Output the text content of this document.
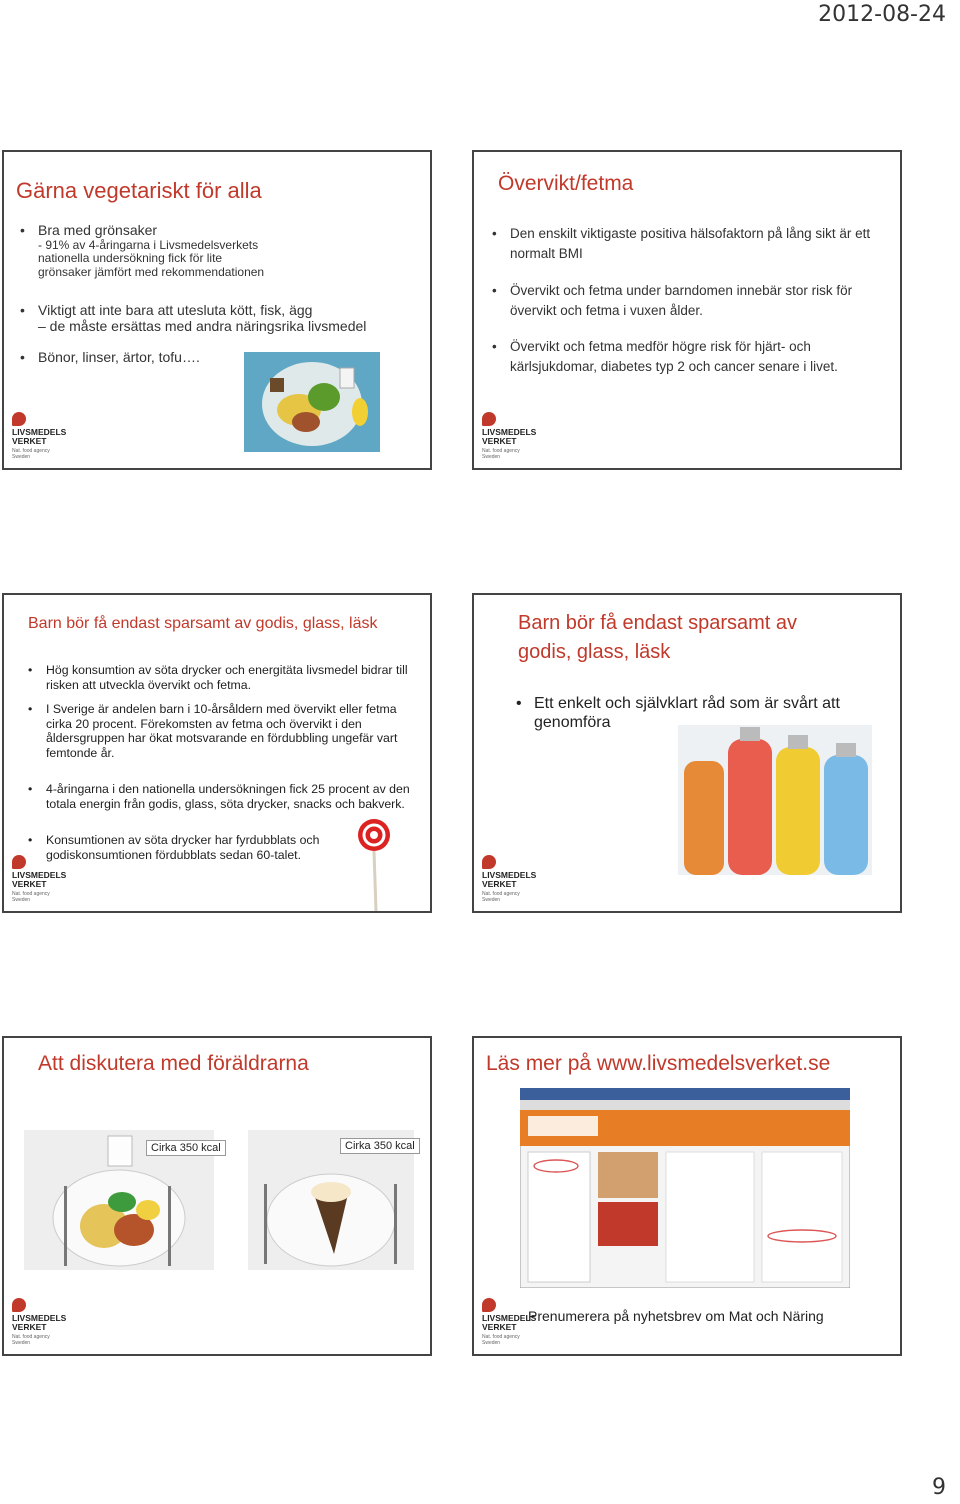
2012-08-24
Gärna vegetariskt för alla
• Bra med grönsaker
- 91% av 4-åringarna i Livsmedelsverkets
nationella undersökning fick för lite
grönsaker jämfört med rekommendationen
• Viktigt att inte bara att utesluta kött, fisk, ägg
– de måste ersättas med andra näringsrika livsmedel
• Bönor, linser, ärtor, tofu….
LIVSMEDELS
VERKET
Nat. food agency
Sweden
Övervikt/fetma
• Den enskilt viktigaste positiva hälsofaktorn på lång sikt är ett normalt BMI
• Övervikt och fetma under barndomen innebär stor risk för övervikt och fetma i vuxen ålder.
• Övervikt och fetma medför högre risk för hjärt- och kärlsjukdomar, diabetes typ 2 och cancer senare i livet.
LIVSMEDELS
VERKET
Nat. food agency
Sweden
Barn bör få endast sparsamt av godis, glass, läsk
• Hög konsumtion av söta drycker och energitäta livsmedel bidrar till risken att utveckla övervikt och fetma.
• I Sverige är andelen barn i 10-årsåldern med övervikt eller fetma cirka 20 procent. Förekomsten av fetma och övervikt i den åldersgruppen har ökat motsvarande en fördubbling ungefär vart femtonde år.
• 4-åringarna i den nationella undersökningen fick 25 procent av den totala energin från godis, glass, söta drycker, snacks och bakverk.
• Konsumtionen av söta drycker har fyrdubblats och godiskonsumtionen fördubblats sedan 60-talet.
LIVSMEDELS
VERKET
Nat. food agency
Sweden
Barn bör få endast sparsamt av
godis, glass, läsk
• Ett enkelt och självklart råd som är svårt att genomföra
LIVSMEDELS
VERKET
Nat. food agency
Sweden
Att diskutera med föräldrarna
Cirka 350 kcal	Cirka 350 kcal
LIVSMEDELS
VERKET
Nat. food agency
Sweden
Läs mer på www.livsmedelsverket.se
Prenumerera på nyhetsbrev om Mat och Näring
LIVSMEDELS
VERKET
Nat. food agency
Sweden
9
